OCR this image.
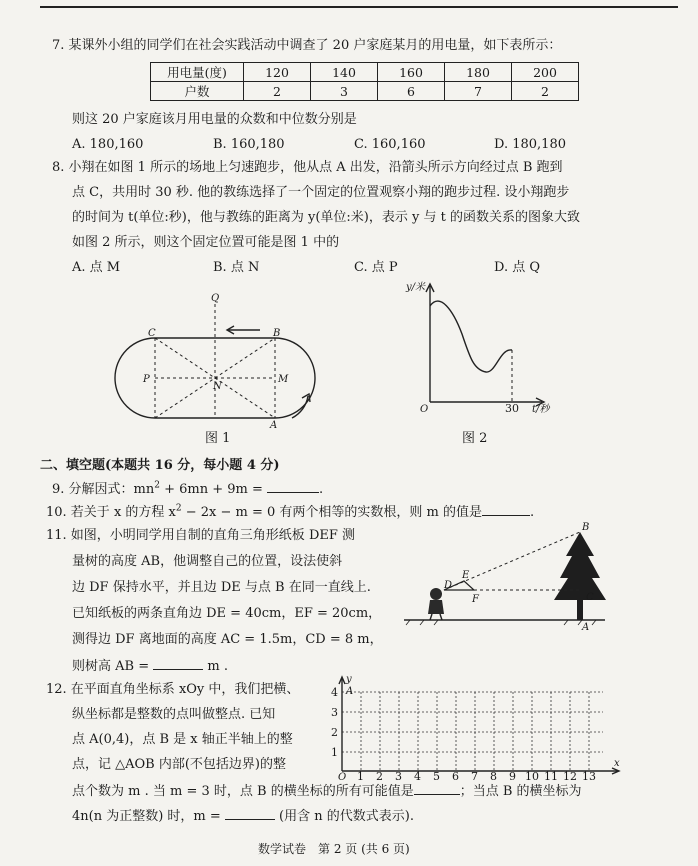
7. 某课外小组的同学们在社会实践活动中调查了 20 户家庭某月的用电量，如下表所示：
用电量(度)	120	140	160	180	200
户数	2	3	6	7	2
则这 20 户家庭该月用电量的众数和中位数分别是
A. 180,160	B. 160,180	C. 160,160	D. 180,180
8. 小翔在如图 1 所示的场地上匀速跑步，他从点 A 出发，沿箭头所示方向经过点 B 跑到
点 C，共用时 30 秒. 他的教练选择了一个固定的位置观察小翔的跑步过程. 设小翔跑步
的时间为 t(单位:秒)，他与教练的距离为 y(单位:米)，表示 y 与 t 的函数关系的图象大致
如图 2 所示，则这个固定位置可能是图 1 中的
A. 点 M	B. 点 N	C. 点 P	D. 点 Q
Q
C	B
P
N
M
A
图 1
y/米
t/秒
O	30
图 2
二、填空题(本题共 16 分，每小题 4 分)
9. 分解因式：$mn^2 + 6mn + 9m$ =	.
10. 若关于 x 的方程 $x^2 - 2x - m = 0$ 有两个相等的实数根，则 m 的值是	.
11. 如图，小明同学用自制的直角三角形纸板 DEF 测
量树的高度 AB，他调整自己的位置，设法使斜
边 DF 保持水平，并且边 DE 与点 B 在同一直线上.
已知纸板的两条直角边 DE = 40cm，EF = 20cm，
测得边 DF 离地面的高度 AC = 1.5m，CD = 8 m，
则树高 AB =	m .
B
D
E
F	C
A
12. 在平面直角坐标系 xOy 中，我们把横、
纵坐标都是整数的点叫做整点. 已知
点 A(0,4)，点 B 是 x 轴正半轴上的整
点，记 △AOB 内部(不包括边界)的整
点个数为 m . 当 m = 3 时，点 B 的横坐标的所有可能值是	；当点 B 的横坐标为
4n(n 为正整数) 时，m =	(用含 n 的代数式表示).
y
A
x
O 1 2 3 4 5 6 7 8 9 10 11 12 13
1
2
3
4
数学试卷　第 2 页 (共 6 页)
